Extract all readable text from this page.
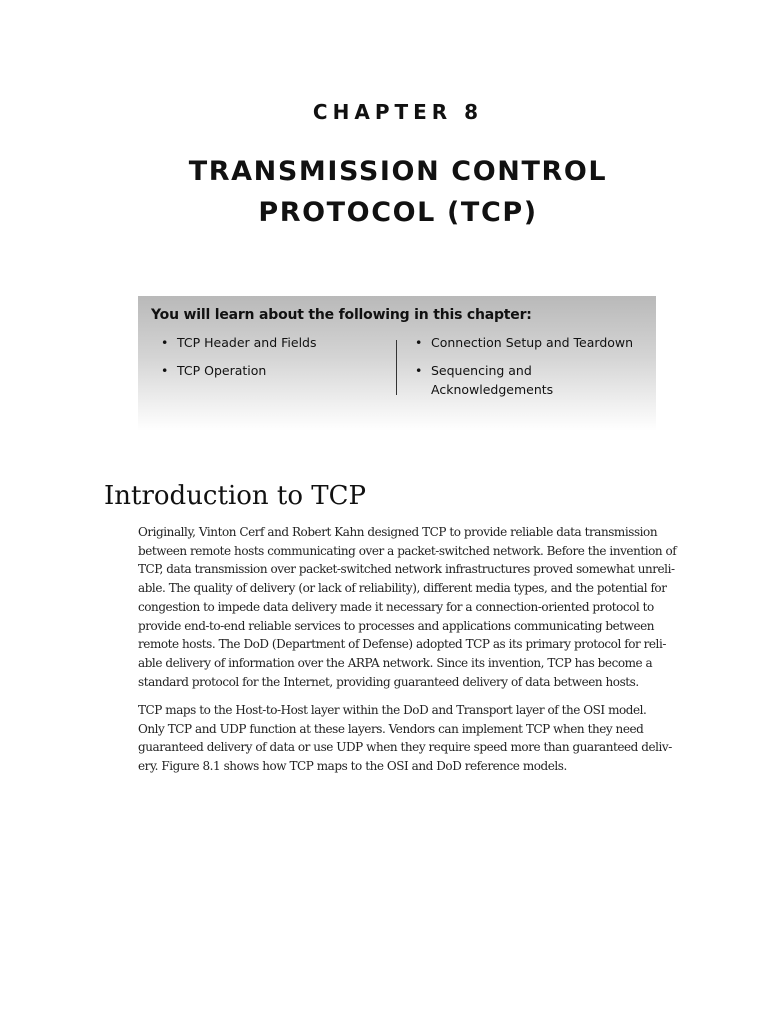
CHAPTER 8
TRANSMISSION CONTROL
PROTOCOL (TCP)
You will learn about the following in this chapter:
• TCP Header and Fields
• TCP Operation
• Connection Setup and Teardown
• Sequencing and
Acknowledgements
Introduction to TCP

Originally, Vinton Cerf and Robert Kahn designed TCP to provide reliable data transmission
between remote hosts communicating over a packet-switched network. Before the invention of
TCP, data transmission over packet-switched network infrastructures proved somewhat unreli-
able. The quality of delivery (or lack of reliability), different media types, and the potential for
congestion to impede data delivery made it necessary for a connection-oriented protocol to
provide end-to-end reliable services to processes and applications communicating between
remote hosts. The DoD (Department of Defense) adopted TCP as its primary protocol for reli-
able delivery of information over the ARPA network. Since its invention, TCP has become a
standard protocol for the Internet, providing guaranteed delivery of data between hosts.

TCP maps to the Host-to-Host layer within the DoD and Transport layer of the OSI model.
Only TCP and UDP function at these layers. Vendors can implement TCP when they need
guaranteed delivery of data or use UDP when they require speed more than guaranteed deliv-
ery. Figure 8.1 shows how TCP maps to the OSI and DoD reference models.
